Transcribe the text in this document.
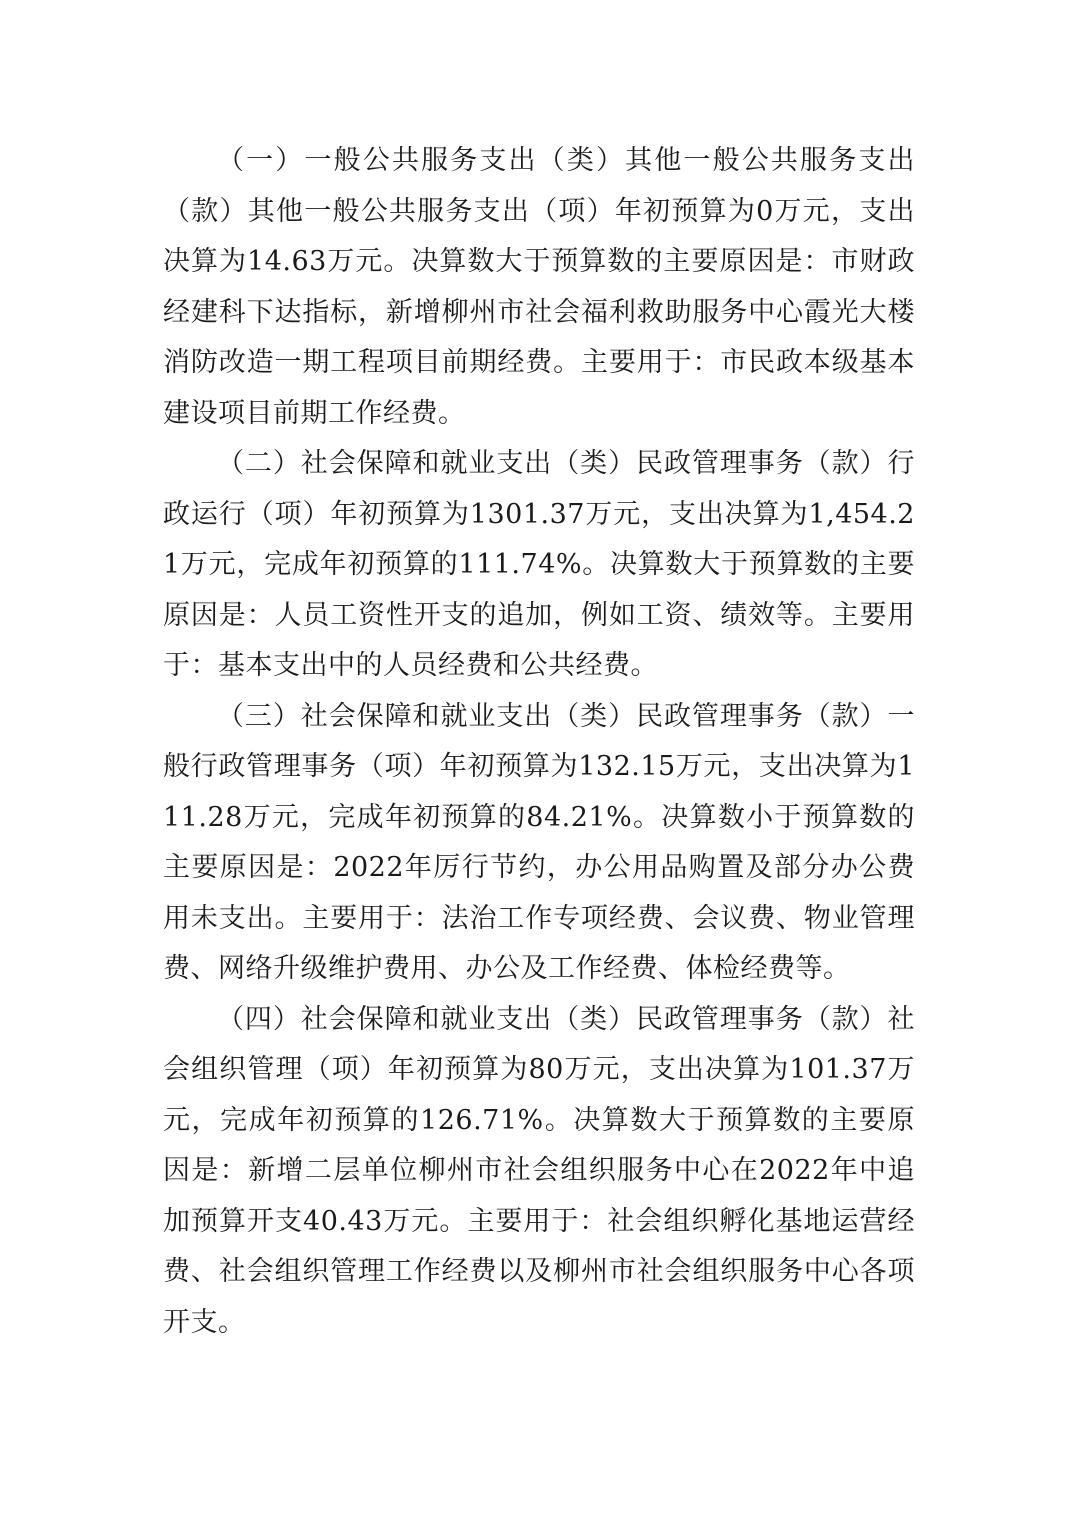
（一）一般公共服务支出（类）其他一般公共服务支出（款）其他一般公共服务支出（项）年初预算为0万元，支出决算为14.63万元。决算数大于预算数的主要原因是：市财政经建科下达指标，新增柳州市社会福利救助服务中心霞光大楼消防改造一期工程项目前期经费。主要用于：市民政本级基本建设项目前期工作经费。

（二）社会保障和就业支出（类）民政管理事务（款）行政运行（项）年初预算为1301.37万元，支出决算为1,454.21万元，完成年初预算的111.74%。决算数大于预算数的主要原因是：人员工资性开支的追加，例如工资、绩效等。主要用于：基本支出中的人员经费和公共经费。

（三）社会保障和就业支出（类）民政管理事务（款）一般行政管理事务（项）年初预算为132.15万元，支出决算为111.28万元，完成年初预算的84.21%。决算数小于预算数的主要原因是：2022年厉行节约，办公用品购置及部分办公费用未支出。主要用于：法治工作专项经费、会议费、物业管理费、网络升级维护费用、办公及工作经费、体检经费等。

（四）社会保障和就业支出（类）民政管理事务（款）社会组织管理（项）年初预算为80万元，支出决算为101.37万元，完成年初预算的126.71%。决算数大于预算数的主要原因是：新增二层单位柳州市社会组织服务中心在2022年中追加预算开支40.43万元。主要用于：社会组织孵化基地运营经费、社会组织管理工作经费以及柳州市社会组织服务中心各项开支。
